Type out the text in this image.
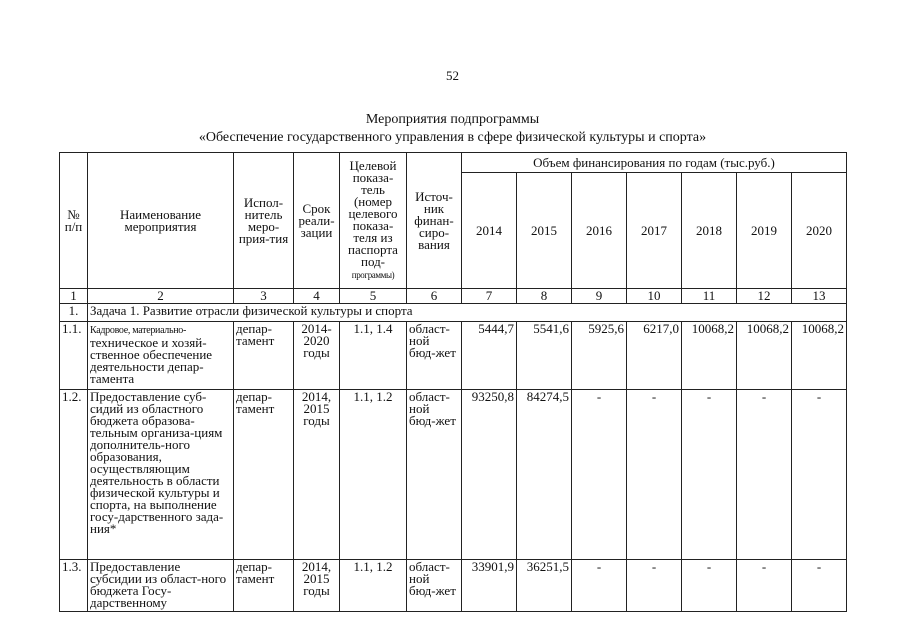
52
Мероприятия подпрограммы
«Обеспечение государственного управления в сфере физической культуры и спорта»
№ п/п	Наименование мероприятия	Испол-нитель меро-прия-тия	Срок реали-зации	Целевой показа-тель (номер целевого показа-теля из паспорта под- программы)	Источ-ник финан-сиро-вания	Объем финансирования по годам (тыс.руб.)						
						2014	2015	2016	2017	2018	2019	2020
1	2	3	4	5	6	7	8	9	10	11	12	13
1.	Задача 1. Развитие отрасли физической культуры и спорта											
1.1.	Кадровое, материально- техническое и хозяй-ственное обеспечение деятельности депар-тамента	депар-тамент	2014-2020 годы	1.1, 1.4	област-ной бюд-жет	5444,7	5541,6	5925,6	6217,0	10068,2	10068,2	10068,2
1.2.	Предоставление суб-сидий из областного бюджета образова-тельным организа-циям дополнитель-ного образования, осуществляющим деятельность в области физической культуры и спорта, на выполнение госу-дарственного зада-ния*	депар-тамент	2014, 2015 годы	1.1, 1.2	област-ной бюд-жет	93250,8	84274,5	-	-	-	-	-
1.3.	Предоставление субсидии из област-ного бюджета Госу-дарственному	депар-тамент	2014, 2015 годы	1.1, 1.2	област-ной бюд-жет	33901,9	36251,5	-	-	-	-	-
